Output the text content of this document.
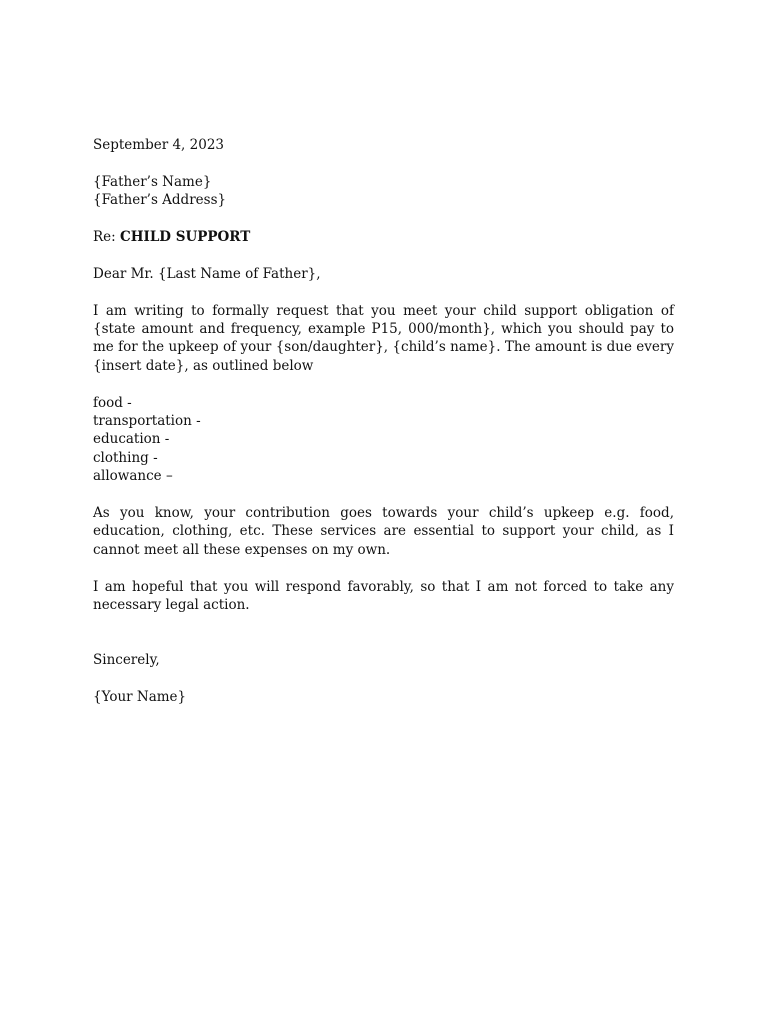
September 4, 2023
{Father’s Name}
{Father’s Address}
Re: CHILD SUPPORT
Dear Mr. {Last Name of Father},

I am writing to formally request that you meet your child support obligation of {state amount and frequency, example P15, 000/month}, which you should pay to me for the upkeep of your {son/daughter}, {child’s name}. The amount is due every {insert date}, as outlined below

food -
transportation -
education -
clothing -
allowance –

As you know, your contribution goes towards your child’s upkeep e.g. food, education, clothing, etc. These services are essential to support your child, as I cannot meet all these expenses on my own.

I am hopeful that you will respond favorably, so that I am not forced to take any necessary legal action.

Sincerely,
{Your Name}
